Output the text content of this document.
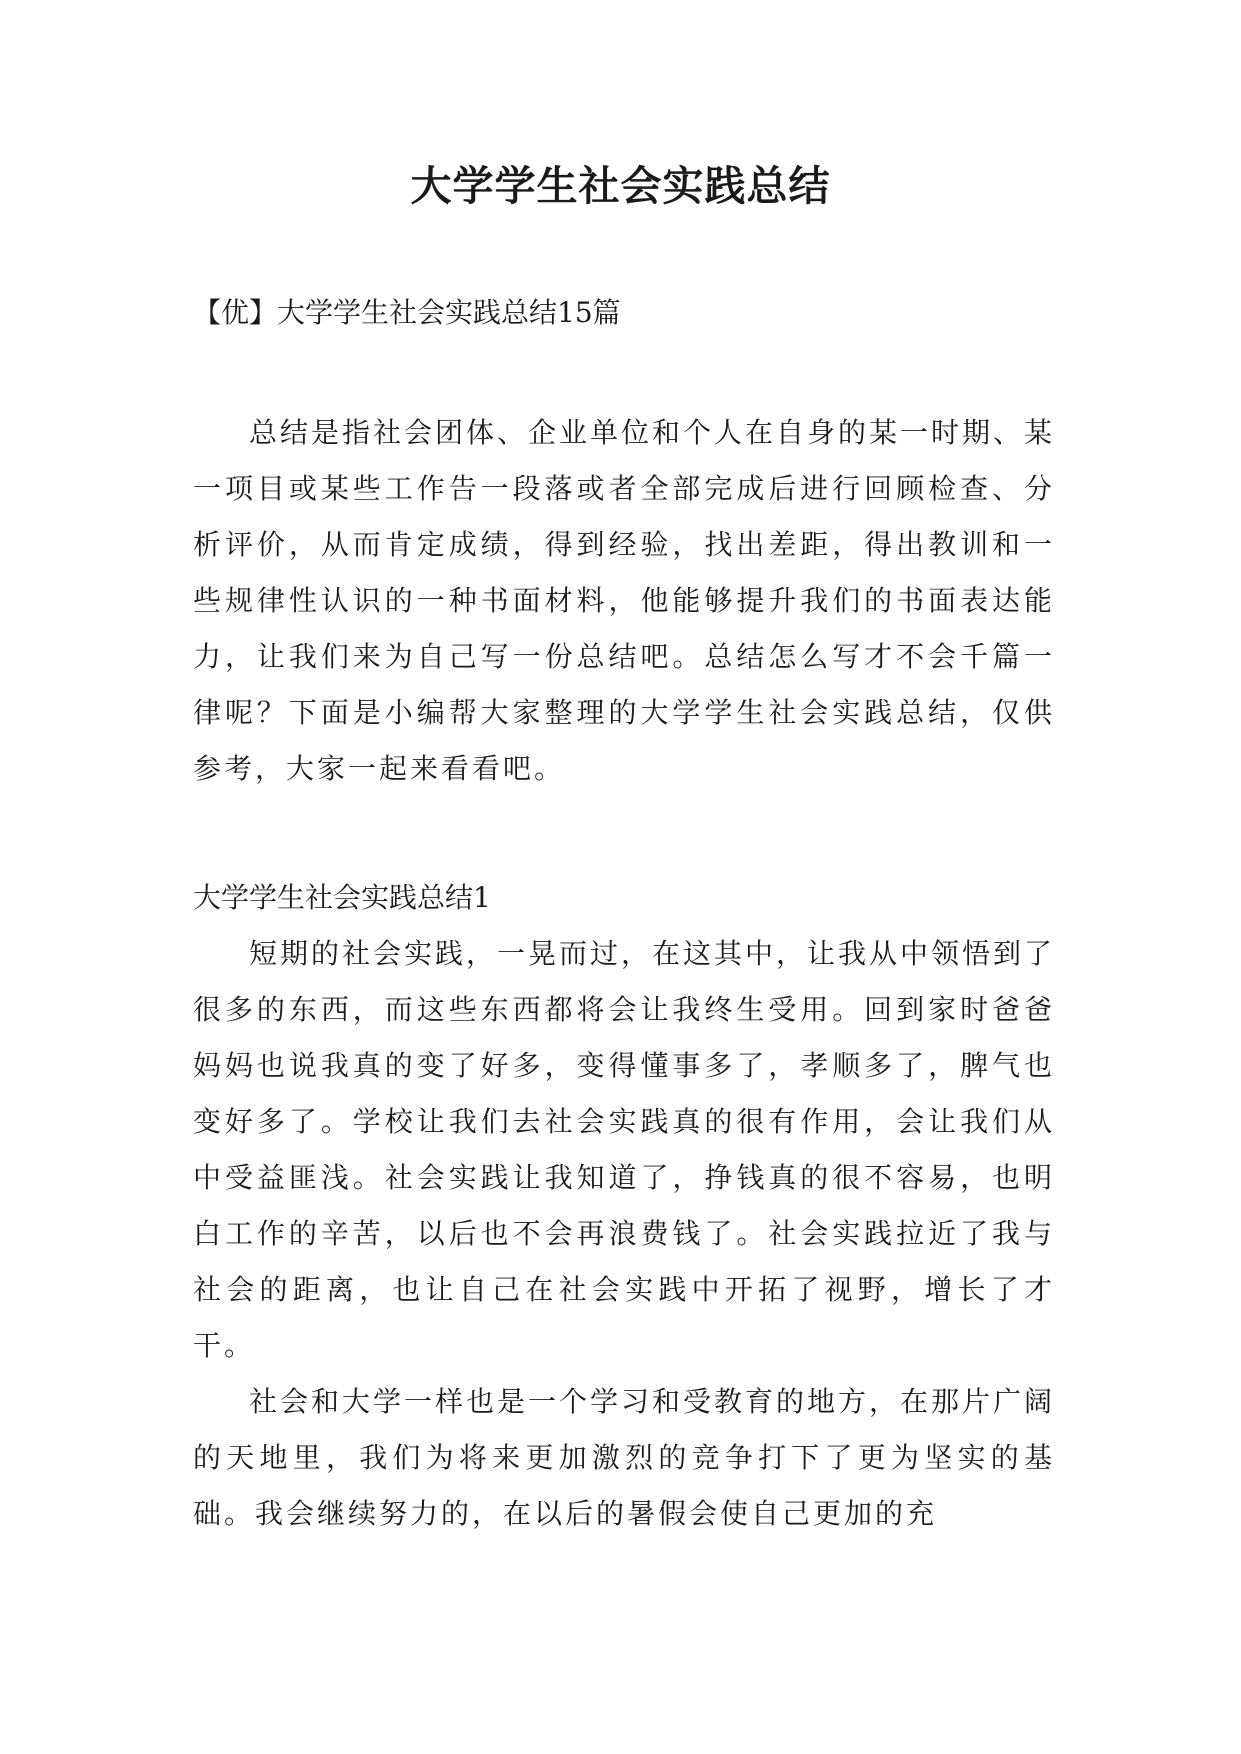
大学学生社会实践总结

【优】大学学生社会实践总结15篇

总结是指社会团体、企业单位和个人在自身的某一时期、某一项目或某些工作告一段落或者全部完成后进行回顾检查、分析评价，从而肯定成绩，得到经验，找出差距，得出教训和一些规律性认识的一种书面材料，他能够提升我们的书面表达能力，让我们来为自己写一份总结吧。总结怎么写才不会千篇一律呢？下面是小编帮大家整理的大学学生社会实践总结，仅供参考，大家一起来看看吧。

大学学生社会实践总结1

短期的社会实践，一晃而过，在这其中，让我从中领悟到了很多的东西，而这些东西都将会让我终生受用。回到家时爸爸妈妈也说我真的变了好多，变得懂事多了，孝顺多了，脾气也变好多了。学校让我们去社会实践真的很有作用，会让我们从中受益匪浅。社会实践让我知道了，挣钱真的很不容易，也明白工作的辛苦，以后也不会再浪费钱了。社会实践拉近了我与社会的距离，也让自己在社会实践中开拓了视野，增长了才干。

社会和大学一样也是一个学习和受教育的地方，在那片广阔的天地里，我们为将来更加激烈的竞争打下了更为坚实的基础。我会继续努力的，在以后的暑假会使自己更加的充
